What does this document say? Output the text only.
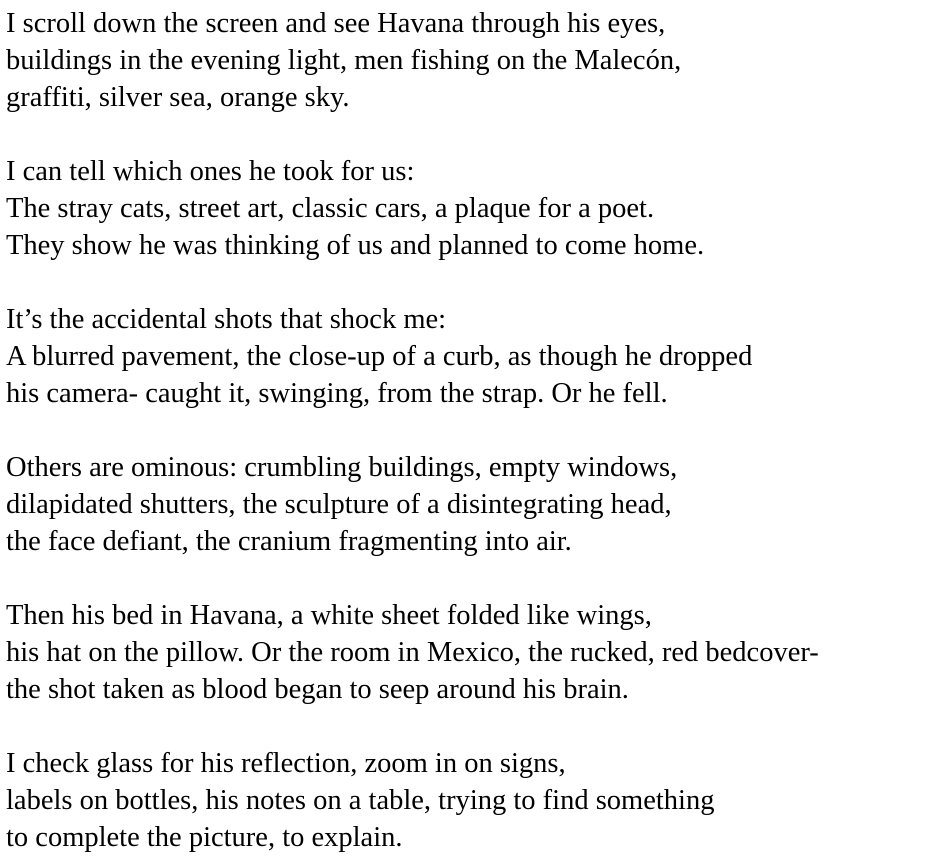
I scroll down the screen and see Havana through his eyes,
buildings in the evening light, men fishing on the Malecón,
graffiti, silver sea, orange sky.
I can tell which ones he took for us:
The stray cats, street art, classic cars, a plaque for a poet.
They show he was thinking of us and planned to come home.
It’s the accidental shots that shock me:
A blurred pavement, the close-up of a curb, as though he dropped
his camera- caught it, swinging, from the strap. Or he fell.
Others are ominous: crumbling buildings, empty windows,
dilapidated shutters, the sculpture of a disintegrating head,
the face defiant, the cranium fragmenting into air.
Then his bed in Havana, a white sheet folded like wings,
his hat on the pillow. Or the room in Mexico, the rucked, red bedcover-
the shot taken as blood began to seep around his brain.
I check glass for his reflection, zoom in on signs,
labels on bottles, his notes on a table, trying to find something
to complete the picture, to explain.
